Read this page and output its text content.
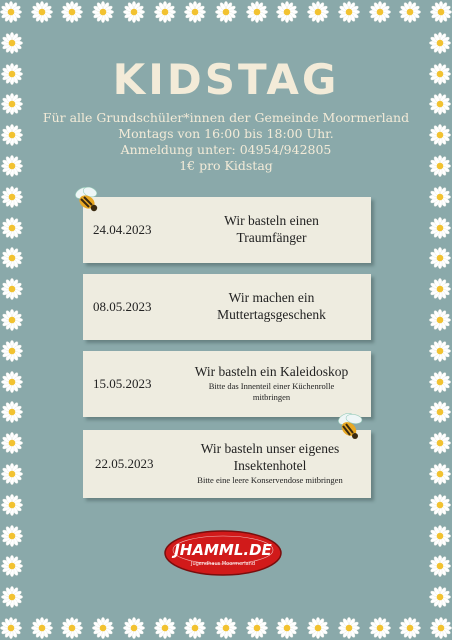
KIDSTAG
Für alle Grundschüler*innen der Gemeinde Moormerland
Montags von 16:00 bis 18:00 Uhr.
Anmeldung unter: 04954/942805
1€ pro Kidstag
24.04.2023
Wir basteln einen
Traumfänger
08.05.2023
Wir machen ein
Muttertagsgeschenk
15.05.2023
Wir basteln ein Kaleidoskop
Bitte das Innenteil einer Küchenrolle
mitbringen
22.05.2023
Wir basteln unser eigenes
Insektenhotel
Bitte eine leere Konservendose mitbringen
JHAMML.DE
Jugendhaus Moormerland
